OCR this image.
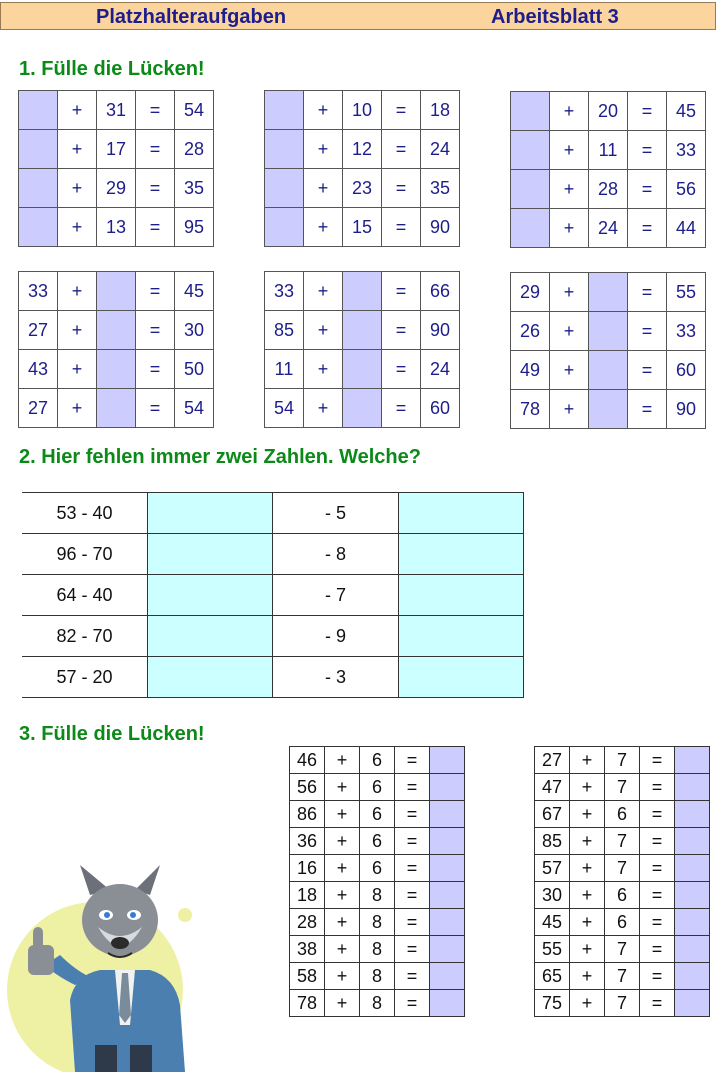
Platzhalteraufgaben	Arbeitsblatt 3
1. Fülle die Lücken!
	+	31	=	54
	+	17	=	28
	+	29	=	35
	+	13	=	95
	+	10	=	18
	+	12	=	24
	+	23	=	35
	+	15	=	90
	+	20	=	45
	+	11	=	33
	+	28	=	56
	+	24	=	44
33	+		=	45
27	+		=	30
43	+		=	50
27	+		=	54
33	+		=	66
85	+		=	90
11	+		=	24
54	+		=	60
29	+		=	55
26	+		=	33
49	+		=	60
78	+		=	90
2. Hier fehlen immer zwei Zahlen. Welche?
53 - 40		- 5	
96 - 70		- 8	
64 - 40		- 7	
82 - 70		- 9	
57 - 20		- 3	
3. Fülle die Lücken!
46	+	6	=	
56	+	6	=	
86	+	6	=	
36	+	6	=	
16	+	6	=	
18	+	8	=	
28	+	8	=	
38	+	8	=	
58	+	8	=	
78	+	8	=	
27	+	7	=	
47	+	7	=	
67	+	6	=	
85	+	7	=	
57	+	7	=	
30	+	6	=	
45	+	6	=	
55	+	7	=	
65	+	7	=	
75	+	7	=	
